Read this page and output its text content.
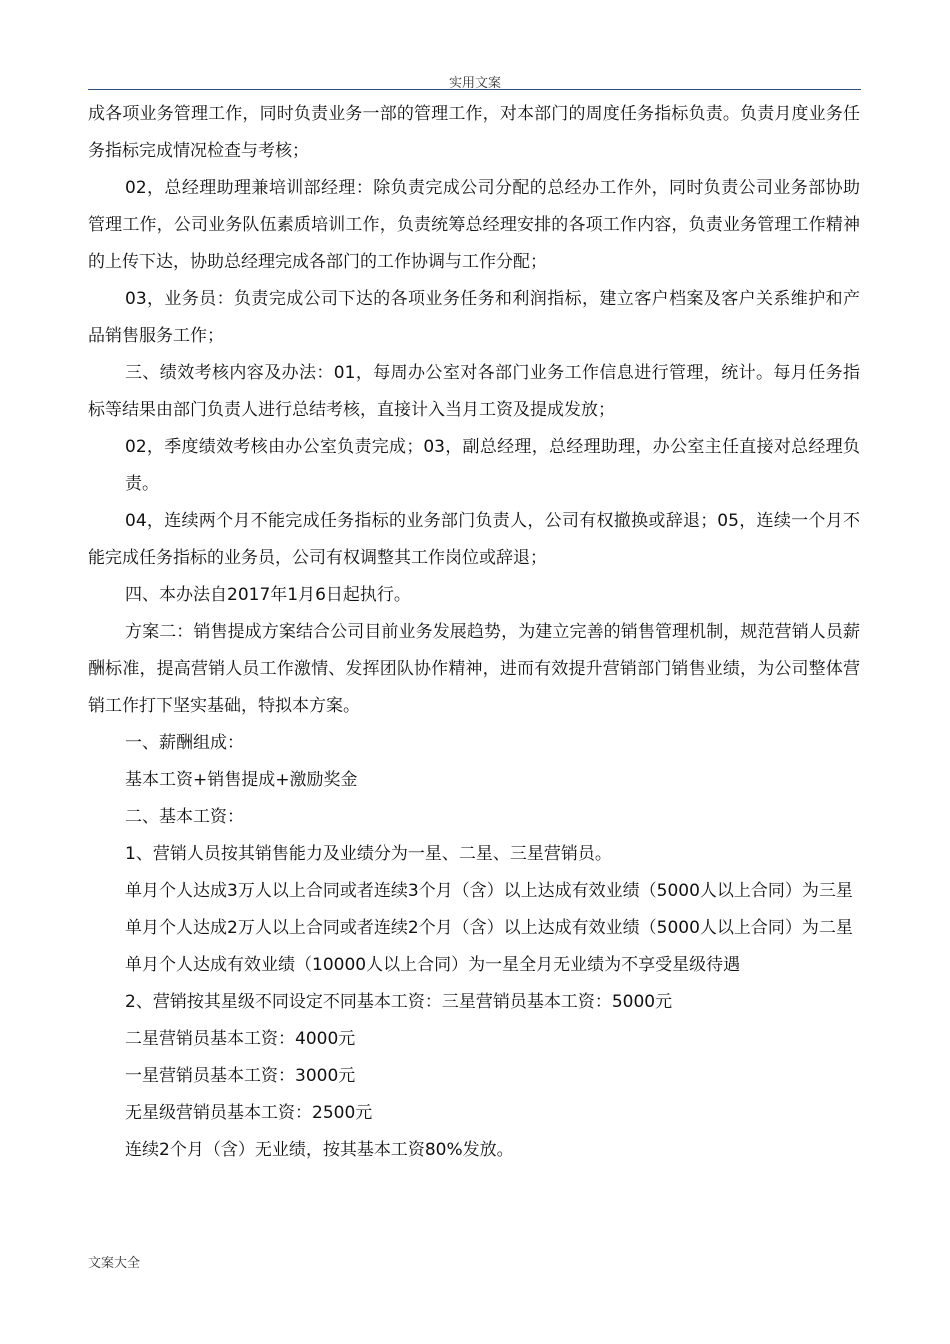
实用文案

成各项业务管理工作，同时负责业务一部的管理工作，对本部门的周度任务指标负责。负责月度业务任务指标完成情况检查与考核；

02，总经理助理兼培训部经理：除负责完成公司分配的总经办工作外，同时负责公司业务部协助管理工作，公司业务队伍素质培训工作，负责统筹总经理安排的各项工作内容，负责业务管理工作精神的上传下达，协助总经理完成各部门的工作协调与工作分配；

03，业务员：负责完成公司下达的各项业务任务和利润指标，建立客户档案及客户关系维护和产品销售服务工作；

三、绩效考核内容及办法：01，每周办公室对各部门业务工作信息进行管理，统计。每月任务指标等结果由部门负责人进行总结考核，直接计入当月工资及提成发放；

02，季度绩效考核由办公室负责完成；03，副总经理，总经理助理，办公室主任直接对总经理负责。

04，连续两个月不能完成任务指标的业务部门负责人，公司有权撤换或辞退；05，连续一个月不能完成任务指标的业务员，公司有权调整其工作岗位或辞退；

四、本办法自2017年1月6日起执行。

方案二：销售提成方案结合公司目前业务发展趋势，为建立完善的销售管理机制，规范营销人员薪酬标准，提高营销人员工作激情、发挥团队协作精神，进而有效提升营销部门销售业绩，为公司整体营销工作打下坚实基础，特拟本方案。

一、薪酬组成：

基本工资+销售提成+激励奖金

二、基本工资：

1、营销人员按其销售能力及业绩分为一星、二星、三星营销员。

单月个人达成3万人以上合同或者连续3个月（含）以上达成有效业绩（5000人以上合同）为三星

单月个人达成2万人以上合同或者连续2个月（含）以上达成有效业绩（5000人以上合同）为二星

单月个人达成有效业绩（10000人以上合同）为一星全月无业绩为不享受星级待遇

2、营销按其星级不同设定不同基本工资：三星营销员基本工资：5000元

二星营销员基本工资：4000元

一星营销员基本工资：3000元

无星级营销员基本工资：2500元

连续2个月（含）无业绩，按其基本工资80%发放。

文案大全
